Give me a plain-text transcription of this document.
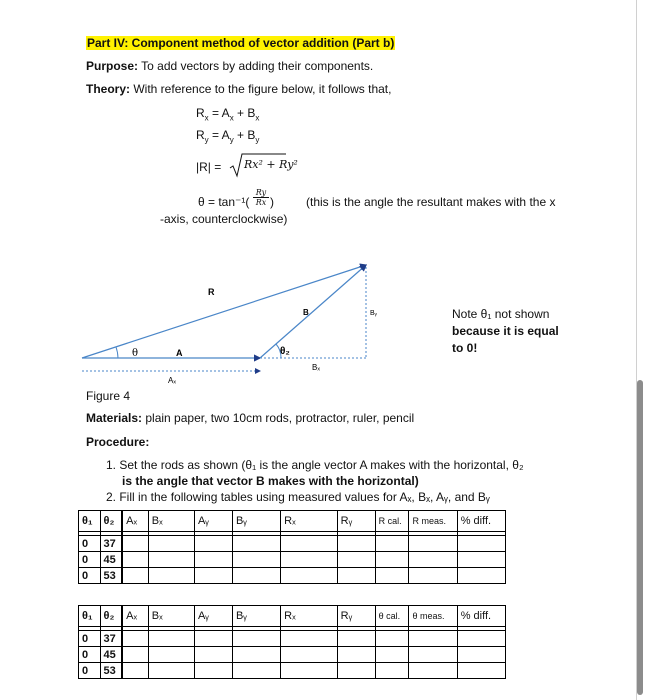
Part IV: Component method of vector addition (Part b)
Purpose: To add vectors by adding their components.
Theory: With reference to the figure below, it follows that,
$R_x = A_x + B_x$
$R_y = A_y + B_y$
|R| = Rx² + Ry²
θ = tan⁻¹(
Ry
Rx )	(this is the angle the resultant makes with the x
-axis, counterclockwise)
R
B
A
θ	θ₂
Bₓ
Aₓ
Bᵧ	Note θ₁ not shown
because it is equal
to 0!
Figure 4
Materials: plain paper, two 10cm rods, protractor, ruler, pencil
Procedure:
1. Set the rods as shown (θ₁ is the angle vector A makes with the horizontal, θ₂
is the angle that vector B makes with the horizontal)
2. Fill in the following tables using measured values for Aₓ, Bₓ, Aᵧ, and Bᵧ
θ₁	θ₂	Aₓ	Bₓ	Aᵧ	Bᵧ	Rₓ	Rᵧ	R cal.	R meas.	% diff.

0	37									
0	45									
0	53									
θ₁	θ₂	Aₓ	Bₓ	Aᵧ	Bᵧ	Rₓ	Rᵧ	θ cal.	θ meas.	% diff.

0	37									
0	45									
0	53									
